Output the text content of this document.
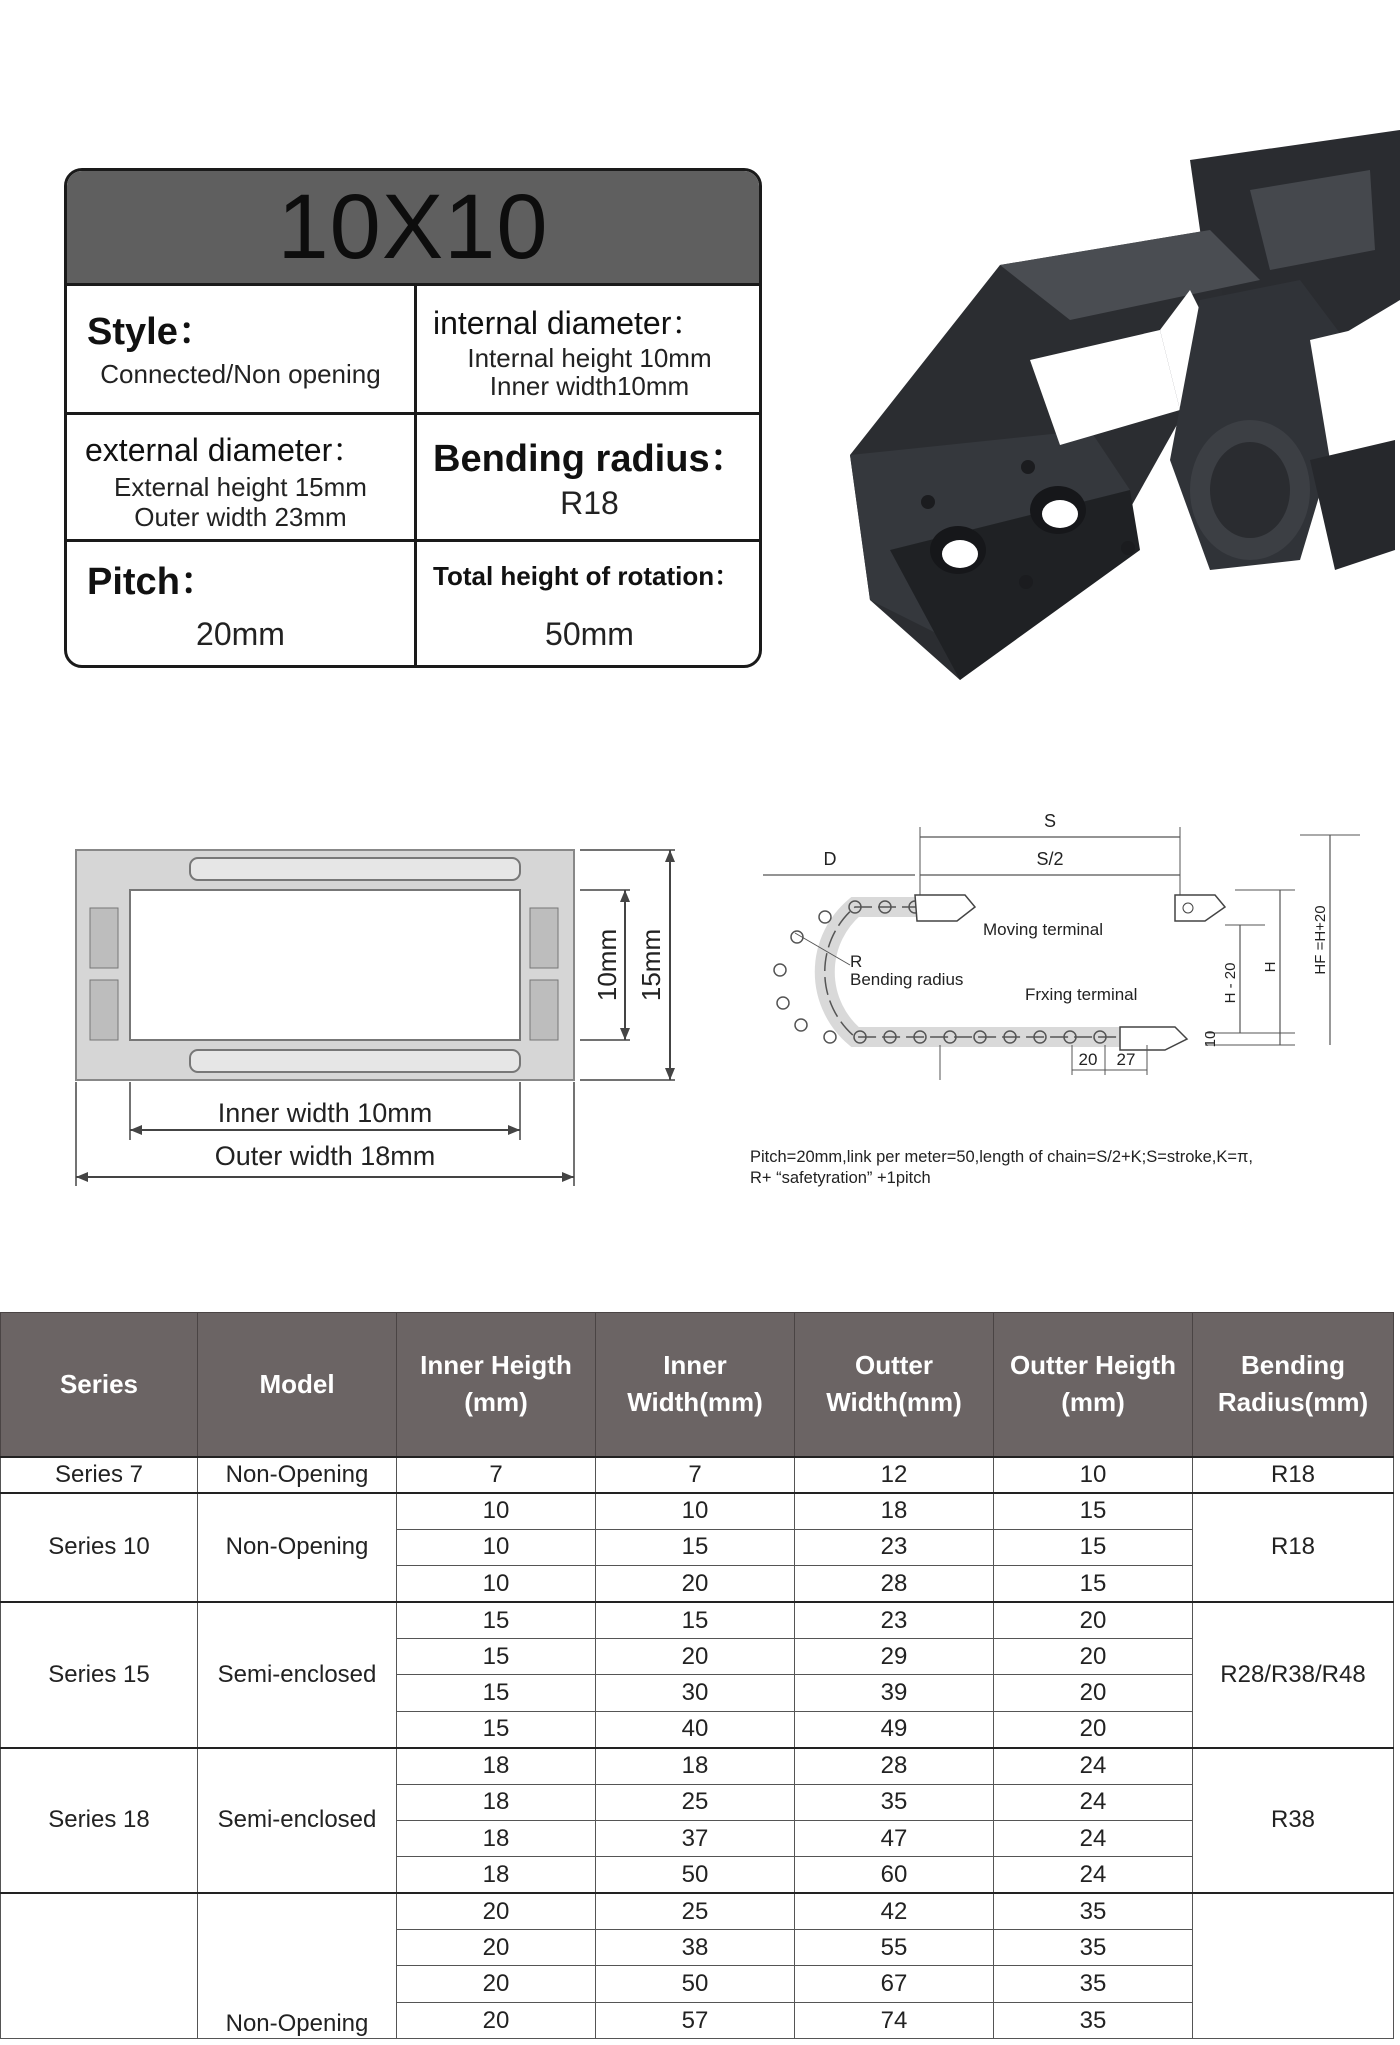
10X10
Style：
Connected/Non opening
internal diameter：
Internal height 10mm
Inner width10mm
external diameter：
External height 15mm
Outer width 23mm
Bending radius：
R18
Pitch：
20mm
Total height of rotation：
50mm
10mm 15mm
Inner width 10mm
Outer width 18mm
S
S/2
D
Moving terminal
R
Bending radius
Frxing terminal
20 27
H - 20 H HF =H+20
10
Pitch=20mm,link per meter=50,length of chain=S/2+K;S=stroke,K=π,
R+ “safetyration” +1pitch
Series	Model	Inner Heigth (mm)	Inner Width(mm)	Outter Width(mm)	Outter Heigth (mm)	Bending Radius(mm)
Series 7	Non-Opening	7	7	12	10	R18
Series 10	Non-Opening	10	10	18	15	R18
		10	15	23	15	
		10	20	28	15	
Series 15	Semi-enclosed	15	15	23	20	R28/R38/R48
		15	20	29	20	
		15	30	39	20	
		15	40	49	20	
Series 18	Semi-enclosed	18	18	28	24	R38
		18	25	35	24	
		18	37	47	24	
		18	50	60	24	
	Non-Opening	20	25	42	35	
		20	38	55	35	
		20	50	67	35	
		20	57	74	35	
